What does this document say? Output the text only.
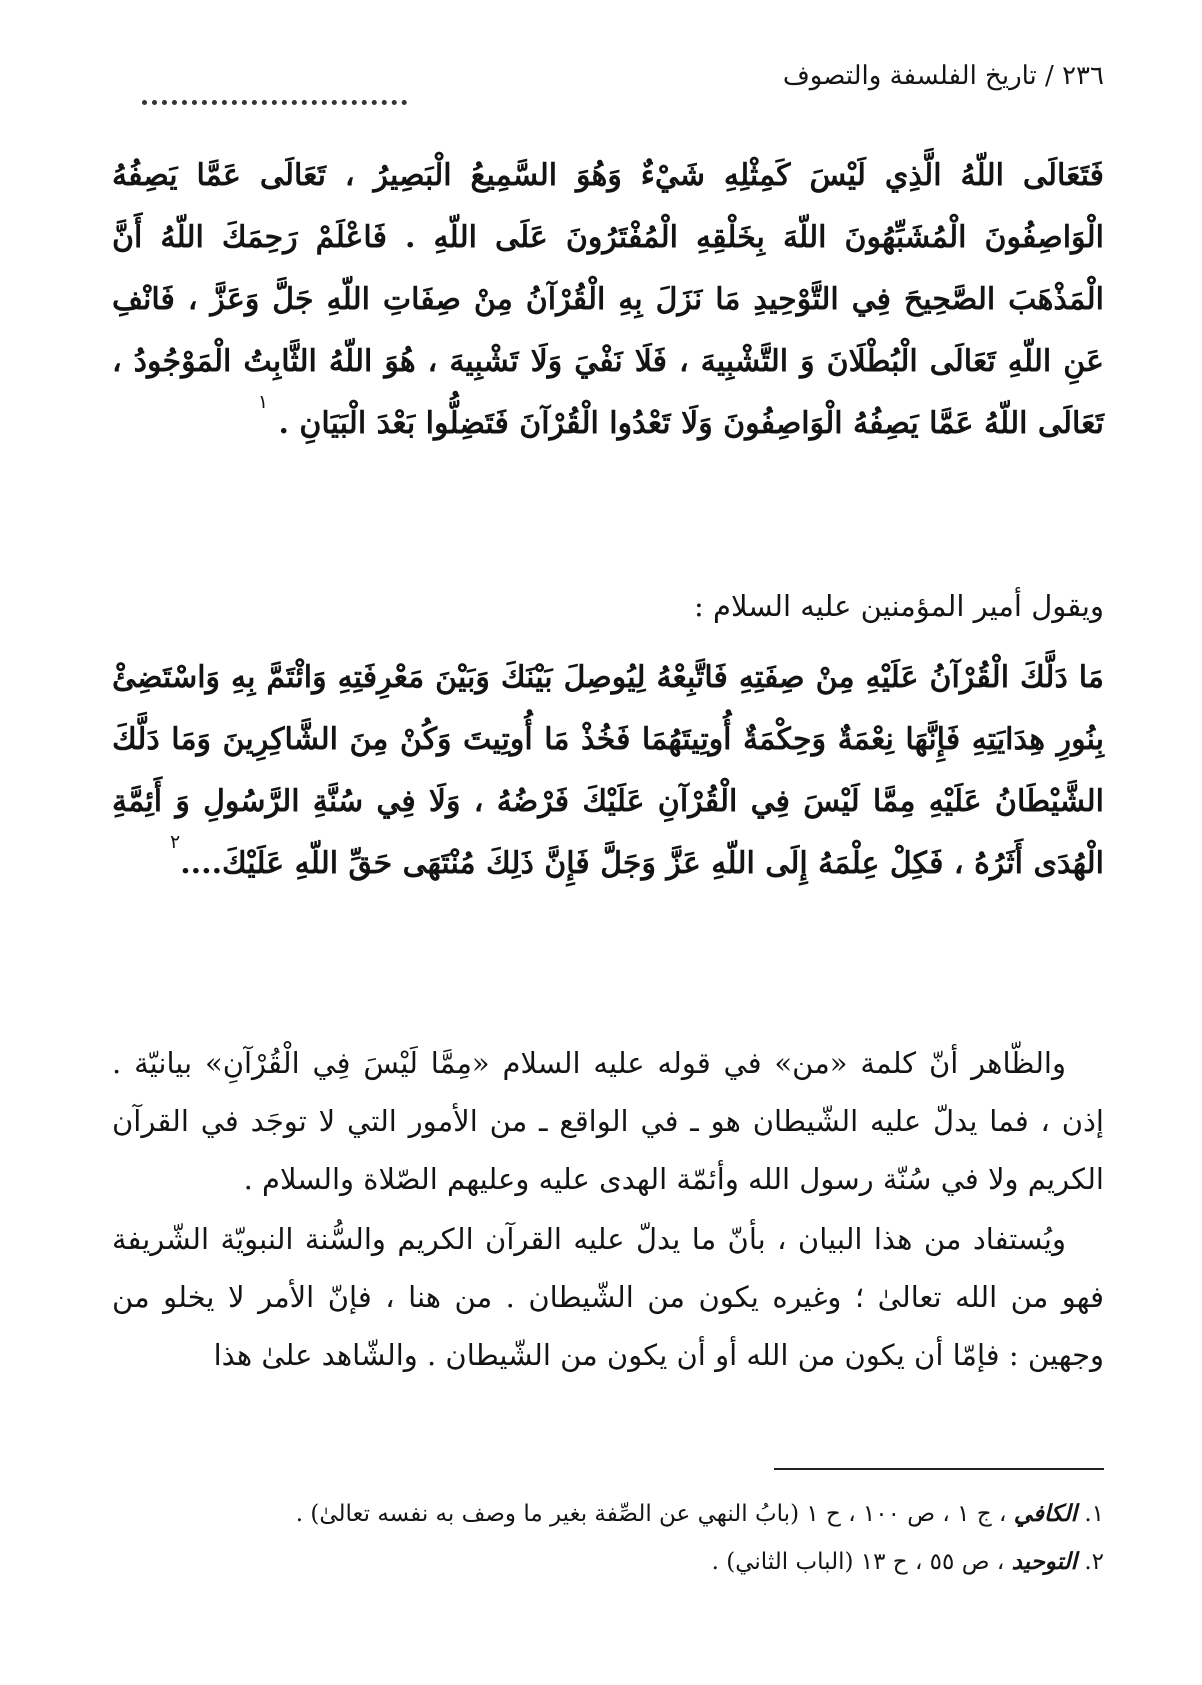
٢٣٦ / تاريخ الفلسفة والتصوف

فَتَعَالَى اللّهُ الَّذِي لَيْسَ كَمِثْلِهِ شَيْءٌ وَهُوَ السَّمِيعُ الْبَصِيرُ ، تَعَالَى عَمَّا يَصِفُهُ الْوَاصِفُونَ الْمُشَبِّهُونَ اللّهَ بِخَلْقِهِ الْمُفْتَرُونَ عَلَى اللّهِ . فَاعْلَمْ رَحِمَكَ اللّهُ أَنَّ الْمَذْهَبَ الصَّحِيحَ فِي التَّوْحِيدِ مَا نَزَلَ بِهِ الْقُرْآنُ مِنْ صِفَاتِ اللّهِ جَلَّ وَعَزَّ ، فَانْفِ عَنِ اللّهِ تَعَالَى الْبُطْلَانَ وَ التَّشْبِيهَ ، فَلَا نَفْيَ وَلَا تَشْبِيهَ ، هُوَ اللّهُ الثَّابِتُ الْمَوْجُودُ ، تَعَالَى اللّهُ عَمَّا يَصِفُهُ الْوَاصِفُونَ وَلَا تَعْدُوا الْقُرْآنَ فَتَضِلُّوا بَعْدَ الْبَيَانِ . $^١$

ويقول أمير المؤمنين عليه السلام :

مَا دَلَّكَ الْقُرْآنُ عَلَيْهِ مِنْ صِفَتِهِ فَاتَّبِعْهُ لِيُوصِلَ بَيْنَكَ وَبَيْنَ مَعْرِفَتِهِ وَائْتَمَّ بِهِ وَاسْتَضِئْ بِنُورِ هِدَايَتِهِ فَإِنَّهَا نِعْمَةٌ وَحِكْمَةٌ أُوتِيتَهُمَا فَخُذْ مَا أُوتِيتَ وَكُنْ مِنَ الشَّاكِرِينَ وَمَا دَلَّكَ الشَّيْطَانُ عَلَيْهِ مِمَّا لَيْسَ فِي الْقُرْآنِ عَلَيْكَ فَرْضُهُ ، وَلَا فِي سُنَّةِ الرَّسُولِ وَ أَئِمَّةِ الْهُدَى أَثَرُهُ ، فَكِلْ عِلْمَهُ إِلَى اللّهِ عَزَّ وَجَلَّ فَإِنَّ ذَلِكَ مُنْتَهَى حَقِّ اللّهِ عَلَيْكَ....$^٢$

والظّاهر أنّ كلمة «من» في قوله عليه السلام «مِمَّا لَيْسَ فِي الْقُرْآنِ» بيانيّة . إذن ، فما يدلّ عليه الشّيطان هو ـ في الواقع ـ من الأمور التي لا توجَد في القرآن الكريم ولا في سُنّة رسول الله وأئمّة الهدى عليه وعليهم الصّلاة والسلام .

ويُستفاد من هذا البيان ، بأنّ ما يدلّ عليه القرآن الكريم والسُّنة النبويّة الشّريفة فهو من الله تعالىٰ ؛ وغيره يكون من الشّيطان . من هنا ، فإنّ الأمر لا يخلو من وجهين : فإمّا أن يكون من الله أو أن يكون من الشّيطان . والشّاهد علىٰ هذا

١. الكافي ، ج ١ ، ص ١٠٠ ، ح ١ (بابُ النهي عن الصِّفة بغير ما وصف به نفسه تعالىٰ) .
٢. التوحيد ، ص ٥٥ ، ح ١٣ (الباب الثاني) .
